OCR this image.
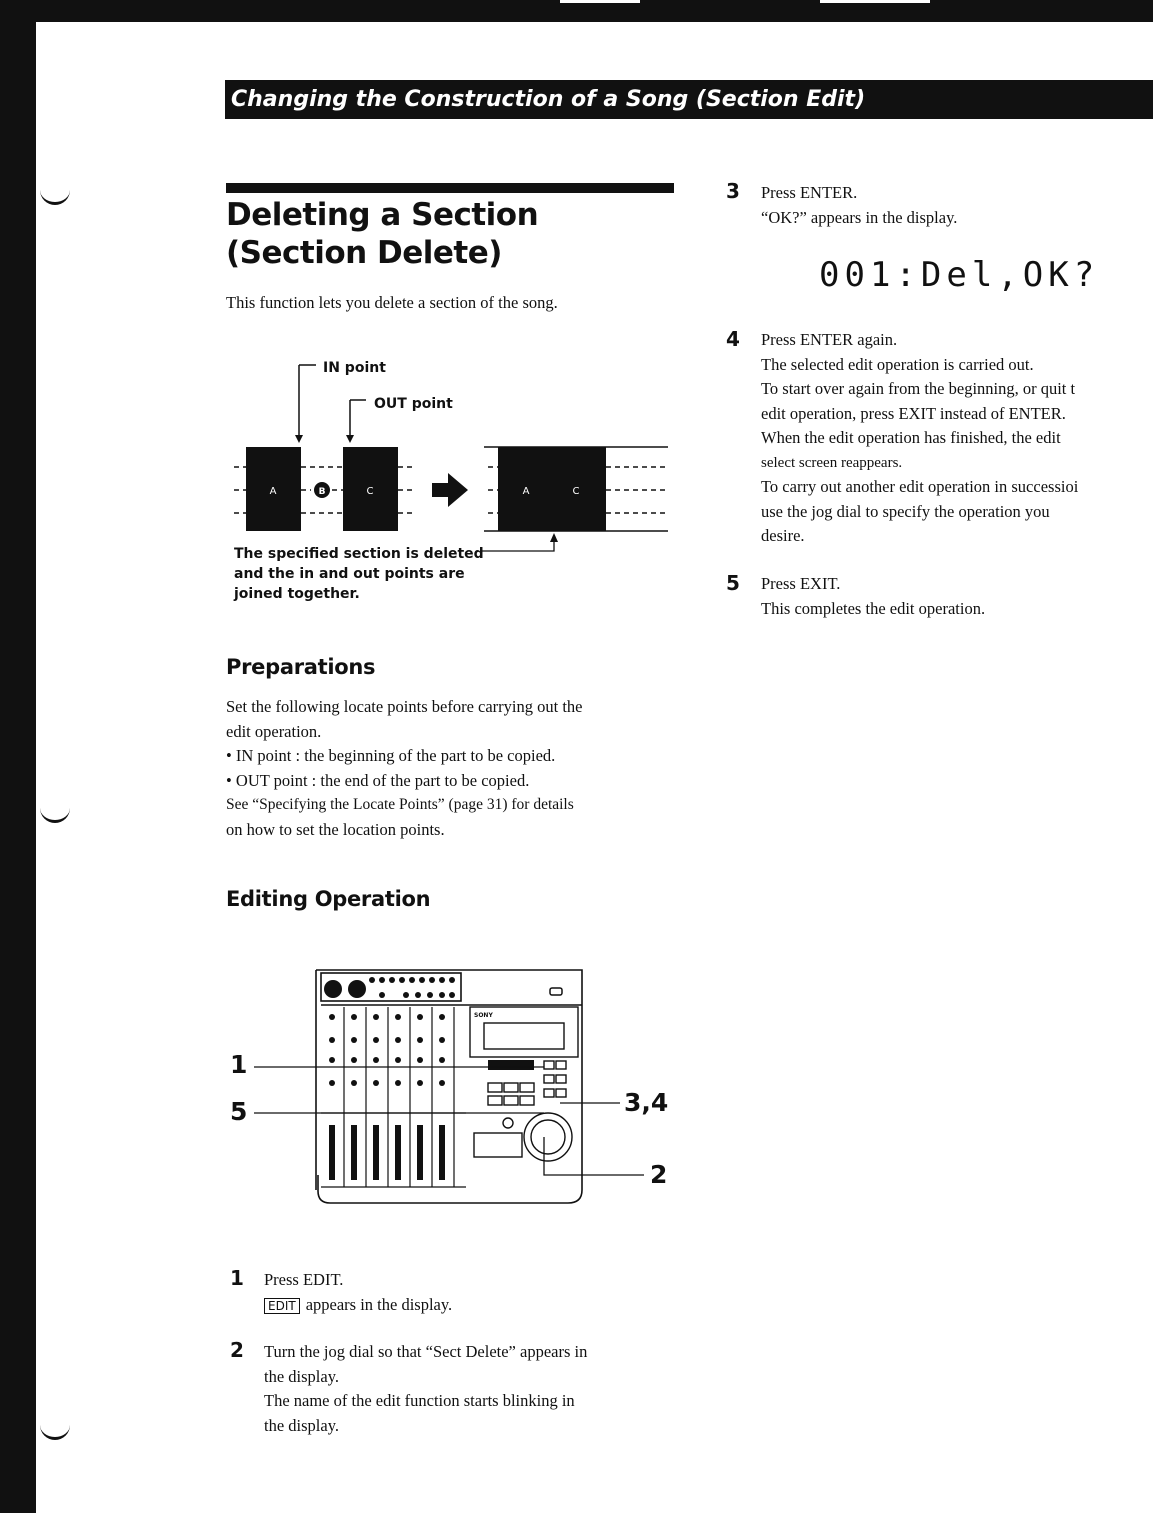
Changing the Construction of a Song (Section Edit)
Deleting a Section (Section Delete)

This function lets you delete a section of the song.

A	B	C	A	C
IN point
OUT point
The specified section is deleted
and the in and out points are
joined together.
Preparations

Set the following locate points before carrying out the

edit operation.

• IN point : the beginning of the part to be copied.

• OUT point : the end of the part to be copied.

See “Specifying the Locate Points” (page 31) for details

on how to set the location points.

Editing Operation
SONY
1
5	3,4
2
1 Press EDIT.

EDIT appears in the display.

2 Turn the jog dial so that “Sect Delete” appears in

the display.

The name of the edit function starts blinking in

the display.

3 Press ENTER.

“OK?” appears in the display.

001:Del,OK?
4 Press ENTER again.

The selected edit operation is carried out.

To start over again from the beginning, or quit t

edit operation, press EXIT instead of ENTER.

When the edit operation has finished, the edit

select screen reappears.

To carry out another edit operation in successioi

use the jog dial to specify the operation you

desire.

5 Press EXIT.

This completes the edit operation.
